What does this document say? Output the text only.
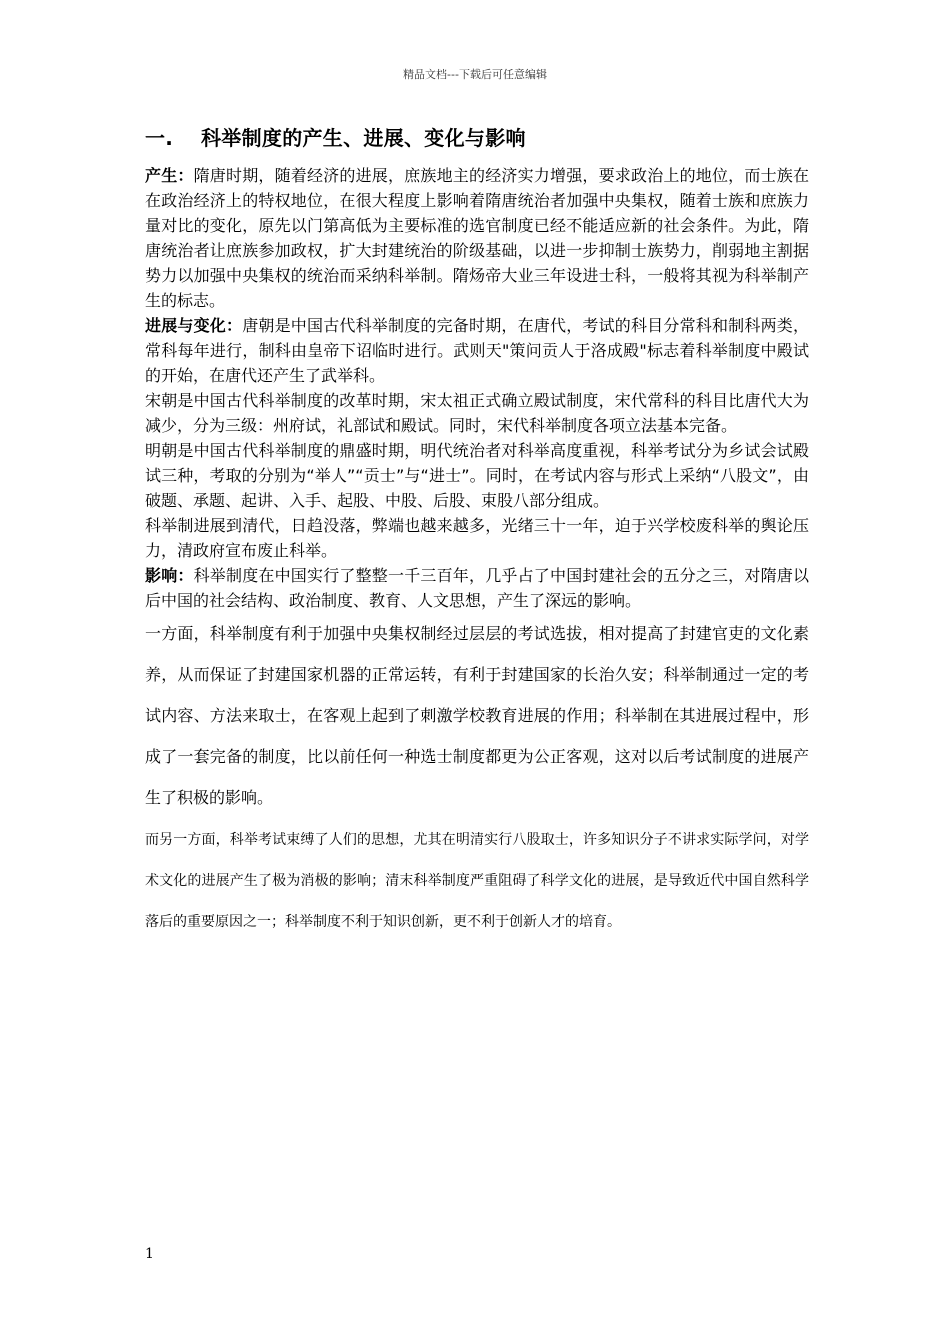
精品文档---下载后可任意编辑
一. 科举制度的产生、进展、变化与影响

产生：隋唐时期，随着经济的进展，庶族地主的经济实力增强，要求政治上的地位，而士族在在政治经济上的特权地位，在很大程度上影响着隋唐统治者加强中央集权，随着士族和庶族力量对比的变化，原先以门第高低为主要标准的选官制度已经不能适应新的社会条件。为此，隋唐统治者让庶族参加政权，扩大封建统治的阶级基础，以进一步抑制士族势力，削弱地主割据势力以加强中央集权的统治而采纳科举制。隋炀帝大业三年设进士科，一般将其视为科举制产生的标志。

进展与变化：唐朝是中国古代科举制度的完备时期，在唐代，考试的科目分常科和制科两类，常科每年进行，制科由皇帝下诏临时进行。武则天"策问贡人于洛成殿"标志着科举制度中殿试的开始，在唐代还产生了武举科。

宋朝是中国古代科举制度的改革时期，宋太祖正式确立殿试制度，宋代常科的科目比唐代大为减少，分为三级：州府试，礼部试和殿试。同时，宋代科举制度各项立法基本完备。

明朝是中国古代科举制度的鼎盛时期，明代统治者对科举高度重视，科举考试分为乡试会试殿试三种，考取的分别为“举人”“贡士”与“进士”。同时，在考试内容与形式上采纳“八股文”，由破题、承题、起讲、入手、起股、中股、后股、束股八部分组成。

科举制进展到清代，日趋没落，弊端也越来越多，光绪三十一年，迫于兴学校废科举的舆论压力，清政府宣布废止科举。

影响：科举制度在中国实行了整整一千三百年，几乎占了中国封建社会的五分之三，对隋唐以后中国的社会结构、政治制度、教育、人文思想，产生了深远的影响。

一方面，科举制度有利于加强中央集权制经过层层的考试选拔，相对提高了封建官吏的文化素养，从而保证了封建国家机器的正常运转，有利于封建国家的长治久安；科举制通过一定的考试内容、方法来取士，在客观上起到了刺激学校教育进展的作用；科举制在其进展过程中，形成了一套完备的制度，比以前任何一种选士制度都更为公正客观，这对以后考试制度的进展产生了积极的影响。

而另一方面，科举考试束缚了人们的思想，尤其在明清实行八股取士，许多知识分子不讲求实际学问，对学术文化的进展产生了极为消极的影响；清末科举制度严重阻碍了科学文化的进展，是导致近代中国自然科学落后的重要原因之一；科举制度不利于知识创新，更不利于创新人才的培育。

1
